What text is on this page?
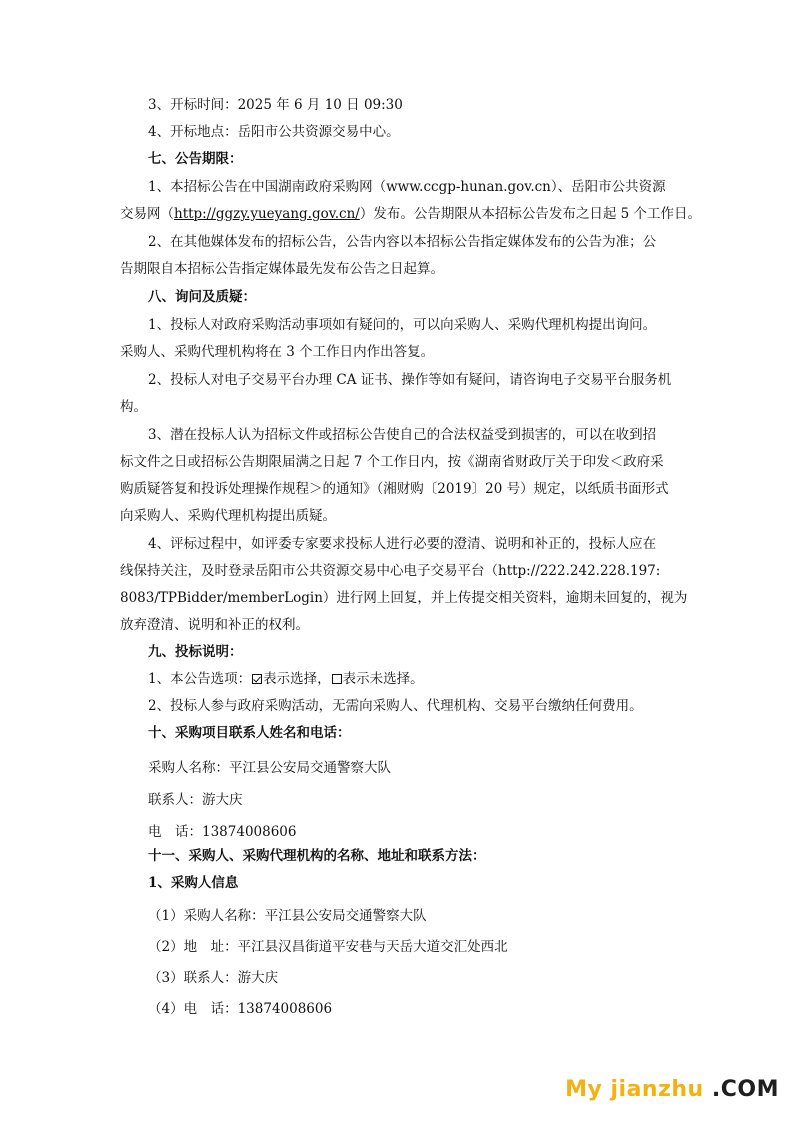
3、开标时间：2025 年 6 月 10 日 09:30
4、开标地点：岳阳市公共资源交易中心。
七、公告期限：
1、本招标公告在中国湖南政府采购网（www.ccgp-hunan.gov.cn）、岳阳市公共资源
交易网（http://ggzy.yueyang.gov.cn/）发布。公告期限从本招标公告发布之日起 5 个工作日。
2、在其他媒体发布的招标公告，公告内容以本招标公告指定媒体发布的公告为准；公
告期限自本招标公告指定媒体最先发布公告之日起算。
八、询问及质疑：
1、投标人对政府采购活动事项如有疑问的，可以向采购人、采购代理机构提出询问。
采购人、采购代理机构将在 3 个工作日内作出答复。
2、投标人对电子交易平台办理 CA 证书、操作等如有疑问，请咨询电子交易平台服务机
构。
3、潜在投标人认为招标文件或招标公告使自己的合法权益受到损害的，可以在收到招
标文件之日或招标公告期限届满之日起 7 个工作日内，按《湖南省财政厅关于印发＜政府采
购质疑答复和投诉处理操作规程＞的通知》（湘财购〔2019〕20 号）规定，以纸质书面形式
向采购人、采购代理机构提出质疑。
4、评标过程中，如评委专家要求投标人进行必要的澄清、说明和补正的，投标人应在
线保持关注，及时登录岳阳市公共资源交易中心电子交易平台（http://222.242.228.197:
8083/TPBidder/memberLogin）进行网上回复，并上传提交相关资料，逾期未回复的，视为
放弃澄清、说明和补正的权利。
九、投标说明：
1、本公告选项： 表示选择， 表示未选择。
2、投标人参与政府采购活动，无需向采购人、代理机构、交易平台缴纳任何费用。
十、采购项目联系人姓名和电话：
采购人名称：平江县公安局交通警察大队
联系人：游大庆
电　话：13874008606
十一、采购人、采购代理机构的名称、地址和联系方法：
1、采购人信息
（1）采购人名称：平江县公安局交通警察大队
（2）地　址：平江县汉昌街道平安巷与天岳大道交汇处西北
（3）联系人：游大庆
（4）电　话：13874008606
My jianzhu .COM
